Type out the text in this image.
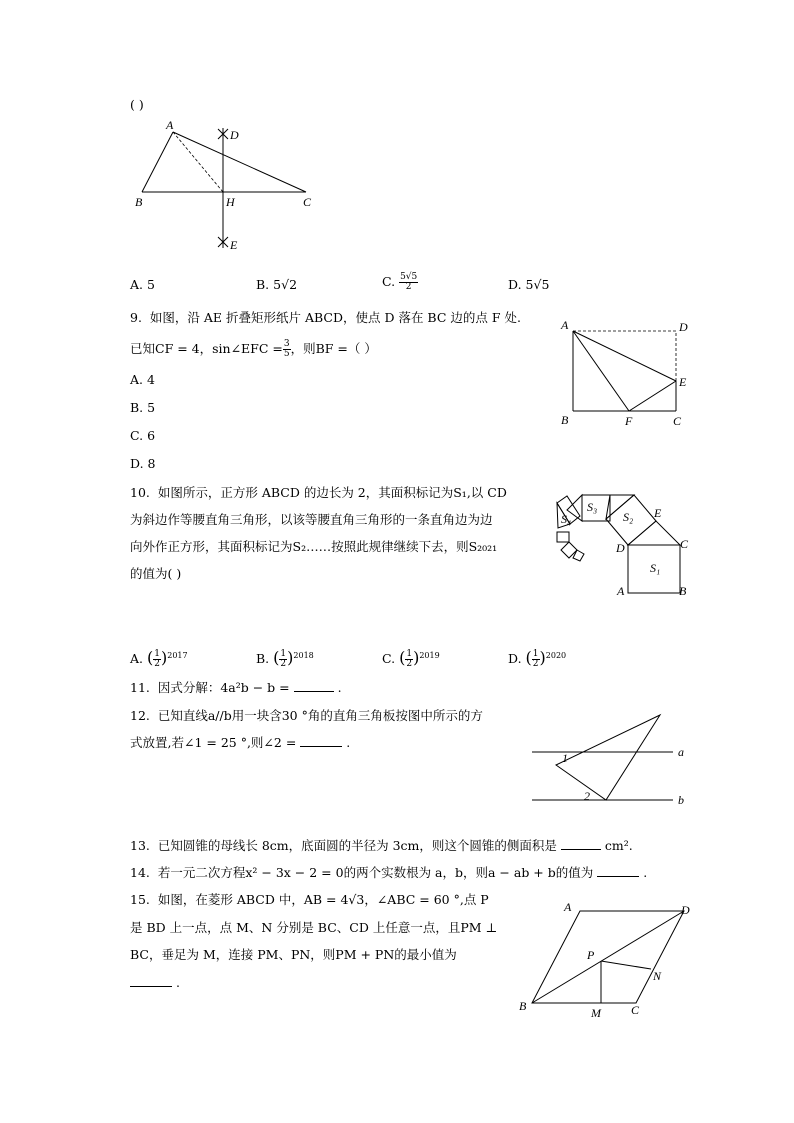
( )
A
B	C
H
D
E
A. 5	B. 5√2	C. $\frac{5√5}{2}$	D. 5√5
9. 如图，沿 AE 折叠矩形纸片 ABCD，使点 D 落在 BC 边的点 F 处.
已知CF = 4，sin∠EFC = $\frac{3}{5}$ ，则BF =（ ）
A. 4
B. 5
C. 6
D. 8
A	D
E
B	F	C
10. 如图所示，正方形 ABCD 的边长为 2，其面积标记为S₁,以 CD
为斜边作等腰直角三角形，以该等腰直角三角形的一条直角边为边
向外作正方形，其面积标记为S₂……按照此规律继续下去，则S₂₀₂₁
的值为( )	S₁
S₂
S₃
S₄	E
C
D
A	B
A. ( $\frac{1}{2} )^{2017}$	B. ( $\frac{1}{2} )^{2018}$	C. ( $\frac{1}{2} )^{2019}$	D. ( $\frac{1}{2} )^{2020}$
11. 因式分解：4a²b − b =	.
12. 已知直线a//b用一块含30 °角的直角三角板按图中所示的方
式放置,若∠1 = 25 °,则∠2 =	.
a
b
1
2
13. 已知圆锥的母线长 8cm，底面圆的半径为 3cm，则这个圆锥的侧面积是	cm².
14. 若一元二次方程x² − 3x − 2 = 0的两个实数根为 a，b，则a − ab + b的值为	.
15. 如图，在菱形 ABCD 中，AB = 4√3，∠ABC = 60 °,点 P
是 BD 上一点，点 M、N 分别是 BC、CD 上任意一点，且PM ⊥
BC，垂足为 M，连接 PM、PN，则PM + PN的最小值为
.
A	D
B	C
M
N
P
